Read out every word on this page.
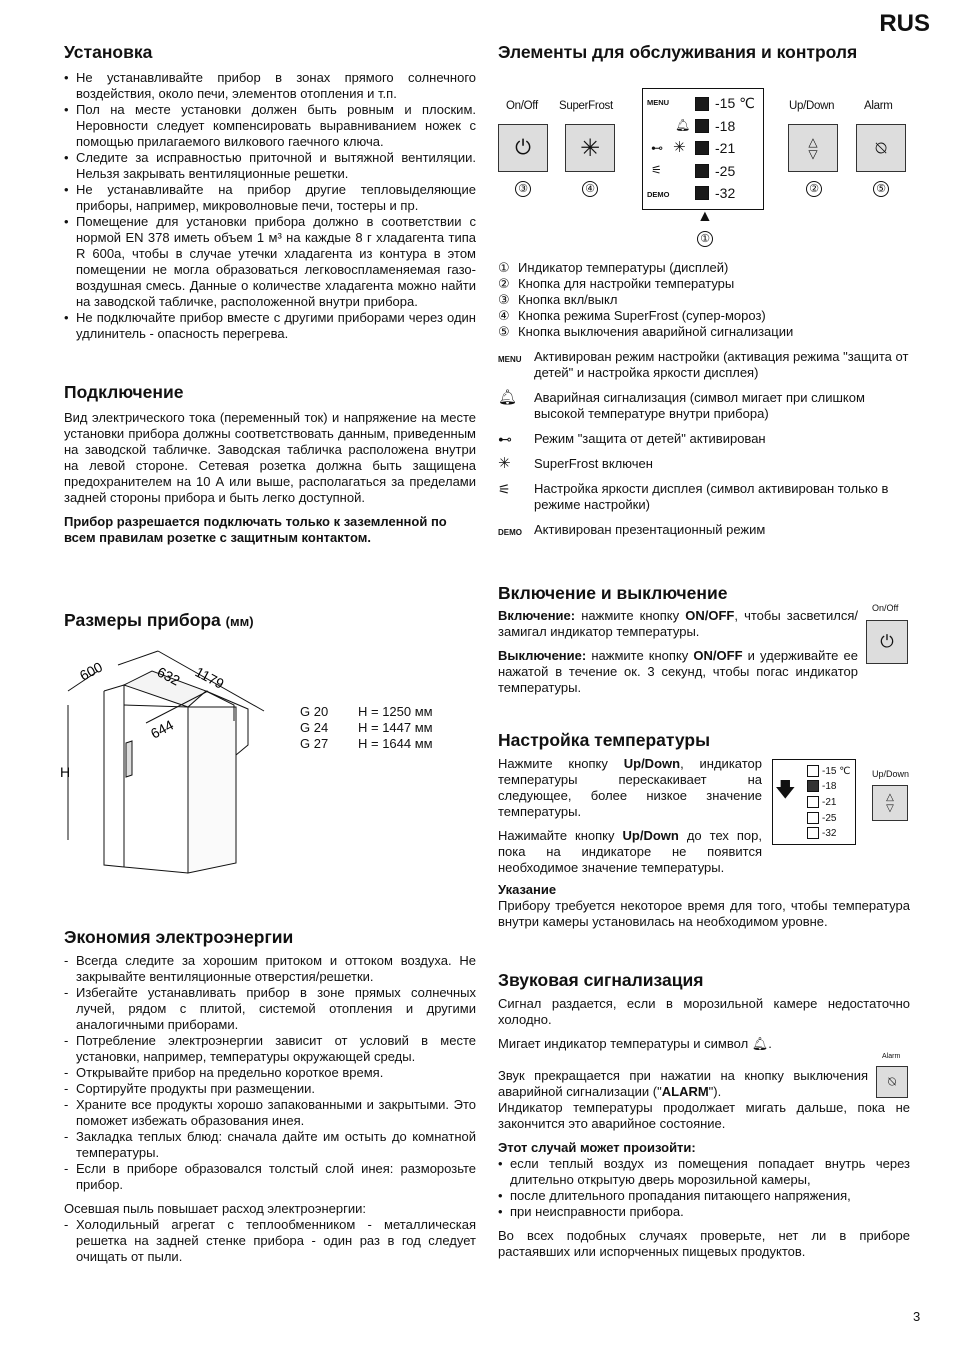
RUS
Установка
• Не устанавливайте прибор в зонах прямого солнечного воздействия, около печи, элементов отопления и т.п.
• Пол на месте установки должен быть ровным и плоским. Неровности следует компенсировать выравниванием ножек с помощью прилагаемого вилкового гаечного ключа.
• Следите за исправностью приточной и вытяжной вентиляции. Нельзя закрывать вентиляционные решетки.
• Не устанавливайте на прибор другие тепловыделяющие приборы, например, микроволновые печи, тостеры и пр.
• Помещение для установки прибора должно в соответствии с нормой EN 378 иметь объем 1 м³ на каждые 8 г хладагента типа R 600a, чтобы в случае утечки хладагента из контура в этом помещении не могла образоваться легковоспламеняемая газо-воздушная смесь. Данные о количестве хладагента можно найти на заводской табличке, расположенной внутри прибора.
• Не подключайте прибор вместе с другими приборами через один удлинитель - опасность перегрева.
Подключение

Вид электрического тока (переменный ток) и напряжение на месте установки прибора должны соответствовать данным, приведенным на заводской табличке. Заводская табличка расположена внутри на левой стороне. Сетевая розетка должна быть защищена предохранителем на 10 А или выше, располагаться за пределами задней стороны прибора и быть легко доступной.

Прибор разрешается подключать только к заземленной по всем правилам розетке с защитным контактом.

Размеры прибора (мм)
600	632 1179
644
H
G 20	H = 1250 мм
G 24	H = 1447 мм
G 27	H = 1644 мм
Экономия электроэнергии
- Всегда следите за хорошим притоком и оттоком воздуха. Не закрывайте вентиляционные отверстия/решетки.
- Избегайте устанавливать прибор в зоне прямых солнечных лучей, рядом с плитой, системой отопления и другими аналогичными приборами.
- Потребление электроэнергии зависит от условий в месте установки, например, температуры окружающей среды.
- Открывайте прибор на предельно короткое время.
- Сортируйте продукты при размещении.
- Храните все продукты хорошо запакованными и закрытыми. Это поможет избежать образования инея.
- Закладка теплых блюд: сначала дайте им остыть до комнатной температуры.
- Если в приборе образовался толстый слой инея: разморозьте прибор.

Осевшая пыль повышает расход электроэнергии:

- Холодильный агрегат с теплообменником - металлическая решетка на задней стенке прибора - один раз в год следует очищать от пыли.
Элементы для обслуживания и контроля
On/Off
⏻
③
SuperFrost
✳
④
MENU
🔔︎
⊷ ✳
⚟
DEMO
-15 ℃
-18
-21
-25
-32
▲
①
Up/Down
△
▽
②
Alarm
⍉
⑤
① Индикатор температуры (дисплей)
② Кнопка для настройки температуры
③ Кнопка вкл/выкл
④ Кнопка режима SuperFrost (супер-мороз)
⑤ Кнопка выключения аварийной сигнализации
MENU Активирован режим настройки (активация режима "защита от детей" и настройка яркости дисплея)
🔔︎	Аварийная сигнализация (символ мигает при слишком высокой температуре внутри прибора)
⊷	Режим "защита от детей" активирован
✳	SuperFrost включен
⚟	Настройка яркости дисплея (символ активирован только в режиме настройки)
DEMO Активирован презентационный режим
Включение и выключение

Включение: нажмите кнопку ON/OFF, чтобы засветился/замигал индикатор температуры.

Выключение: нажмите кнопку ON/OFF и удерживайте ее нажатой в течение ок. 3 секунд, чтобы погас индикатор температуры.

On/Off
⏻
Настройка температуры

Нажмите кнопку Up/Down, индикатор температуры перескакивает на следующее, более низкое значение температуры.

Нажимайте кнопку Up/Down до тех пор, пока на индикаторе не появится необходимое значение температуры.

🡇
-15 ℃
-18
-21
-25
-32
Up/Down
△
▽

Указание

Прибору требуется некоторое время для того, чтобы температура внутри камеры установилась на необходимом уровне.

Звуковая сигнализация

Сигнал раздается, если в морозильной камере недостаточно холодно.

Мигает индикатор температуры и символ 🔔︎.

Звук прекращается при нажатии на кнопку выключения аварийной сигнализации ("ALARM").

Индикатор температуры продолжает мигать дальше, пока не закончится это аварийное состояние.

Этот случай может произойти:

• если теплый воздух из помещения попадает внутрь через длительно открытую дверь морозильной камеры,
• после длительного пропадания питающего напряжения,
• при неисправности прибора.

Во всех подобных случаях проверьте, нет ли в приборе растаявших или испорченных пищевых продуктов.

Alarm
⍉
3
